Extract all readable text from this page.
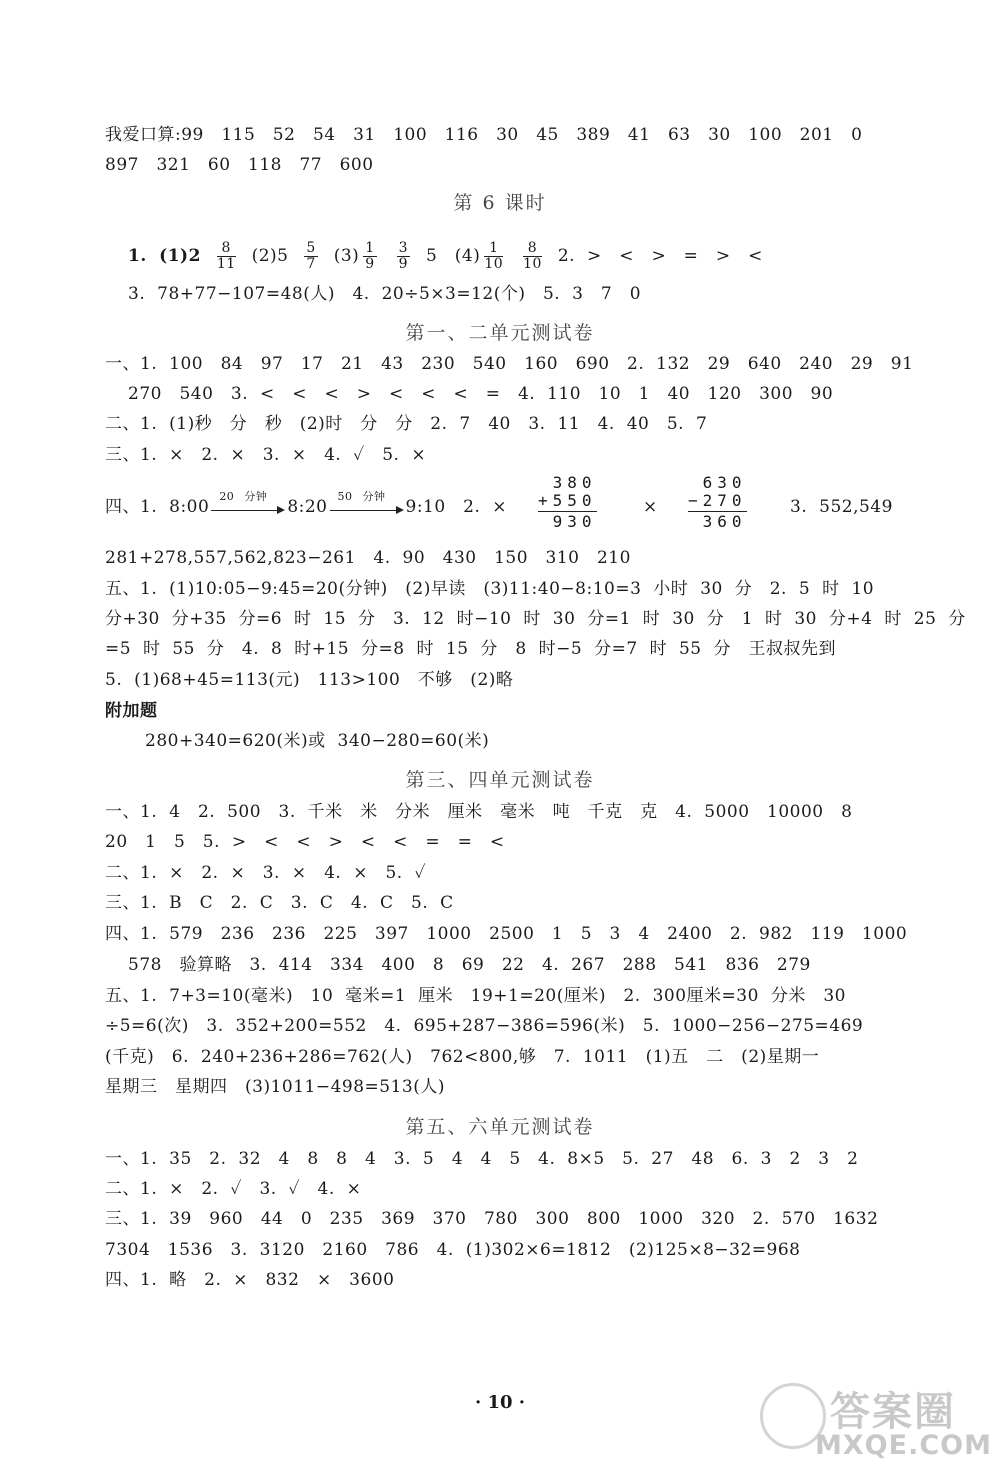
我爱口算:99　115　52　54　31　100　116　30　45　389　41　63　30　100　201　0
897　321　60　118　77　600
第 6 课时
1. $(1)2 \frac{8}{11} (2)5 \frac{5}{7} (3) \frac{1}{9}$
$\frac{3}{9} 5$　$(4) \frac{1}{10}$
$\frac{8}{10} 2$. >　<　>　=　>　<
3. 78+77−107=48(人)　4. 20÷5×3=12(个)　5. 3　7　0
第一、二单元测试卷
一、1. 100　84　97　17　21　43　230　540　160　690　2. 132　29　640　240　29　91
270　540　3. <　<　<　>　<　<　<　=　4. 110　10　1　40　120　300　90
二、1. (1)秒　分　秒　(2)时　分　分　2. 7　40　3. 11　4. 40　5. 7
三、1. ×　2. ×　3. ×　4. ✓　5. ×
四、1. 8:00
20 分钟
8:20
50 分钟
9:10　2. ×
380
+550
930
×
630
−270
360
3. 552,549
281+278,557,562,823−261　4. 90　430　150　310　210
五、1. (1)10:05−9:45=20(分钟)　(2)早读　(3)11:40−8:10=3 小时 30 分　2. 5 时 10
分+30 分+35 分=6 时 15 分　3. 12 时−10 时 30 分=1 时 30 分　1 时 30 分+4 时 25 分
=5 时 55 分　4. 8 时+15 分=8 时 15 分　8 时−5 分=7 时 55 分　王叔叔先到
5. (1)68+45=113(元)　113>100　不够　(2)略
附加题
280+340=620(米)或 340−280=60(米)
第三、四单元测试卷
一、1. 4　2. 500　3. 千米　米　分米　厘米　毫米　吨　千克　克　4. 5000　10000　8
20　1　5　5. >　<　<　>　<　<　=　=　<
二、1. ×　2. ×　3. ×　4. ×　5. ✓
三、1. B　C　2. C　3. C　4. C　5. C
四、1. 579　236　236　225　397　1000　2500　1　5　3　4　2400　2. 982　119　1000
578　验算略　3. 414　334　400　8　69　22　4. 267　288　541　836　279
五、1. 7+3=10(毫米)　10 毫米=1 厘米　19+1=20(厘米)　2. 300厘米=30 分米　30
÷5=6(次)　3. 352+200=552　4. 695+287−386=596(米)　5. 1000−256−275=469
(千克)　6. 240+236+286=762(人)　762<800,够　7. 1011　(1)五　二　(2)星期一
星期三　星期四　(3)1011−498=513(人)
第五、六单元测试卷
一、1. 35　2. 32　4　8　8　4　3. 5　4　4　5　4. 8×5　5. 27　48　6. 3　2　3　2
二、1. ×　2. ✓　3. ✓　4. ×
三、1. 39　960　44　0　235　369　370　780　300　800　1000　320　2. 570　1632
7304　1536　3. 3120　2160　786　4. (1)302×6=1812　(2)125×8−32=968
四、1. 略　2. ×　832　×　3600
· 10 ·	答案圈
MXQE.COM
